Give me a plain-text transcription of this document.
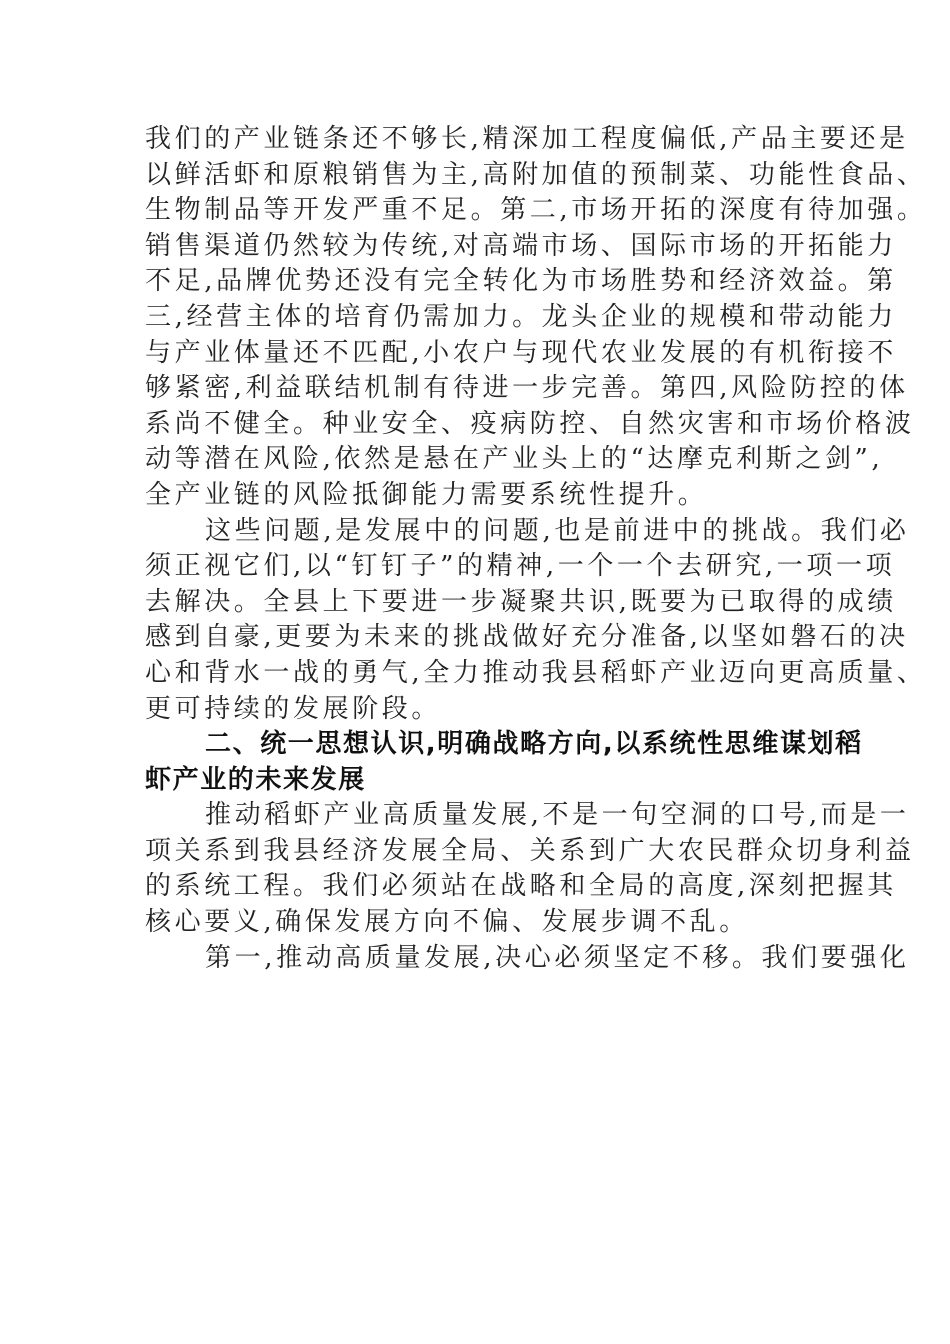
我们的产业链条还不够长,精深加工程度偏低,产品主要还是
以鲜活虾和原粮销售为主,高附加值的预制菜、功能性食品、
生物制品等开发严重不足。第二,市场开拓的深度有待加强。
销售渠道仍然较为传统,对高端市场、国际市场的开拓能力
不足,品牌优势还没有完全转化为市场胜势和经济效益。第
三,经营主体的培育仍需加力。龙头企业的规模和带动能力
与产业体量还不匹配,小农户与现代农业发展的有机衔接不
够紧密,利益联结机制有待进一步完善。第四,风险防控的体
系尚不健全。种业安全、疫病防控、自然灾害和市场价格波
动等潜在风险,依然是悬在产业头上的“达摩克利斯之剑”,
全产业链的风险抵御能力需要系统性提升。
这些问题,是发展中的问题,也是前进中的挑战。我们必
须正视它们,以“钉钉子”的精神,一个一个去研究,一项一项
去解决。全县上下要进一步凝聚共识,既要为已取得的成绩
感到自豪,更要为未来的挑战做好充分准备,以坚如磐石的决
心和背水一战的勇气,全力推动我县稻虾产业迈向更高质量、
更可持续的发展阶段。
二、统一思想认识,明确战略方向,以系统性思维谋划稻
虾产业的未来发展
推动稻虾产业高质量发展,不是一句空洞的口号,而是一
项关系到我县经济发展全局、关系到广大农民群众切身利益
的系统工程。我们必须站在战略和全局的高度,深刻把握其
核心要义,确保发展方向不偏、发展步调不乱。
第一,推动高质量发展,决心必须坚定不移。我们要强化
